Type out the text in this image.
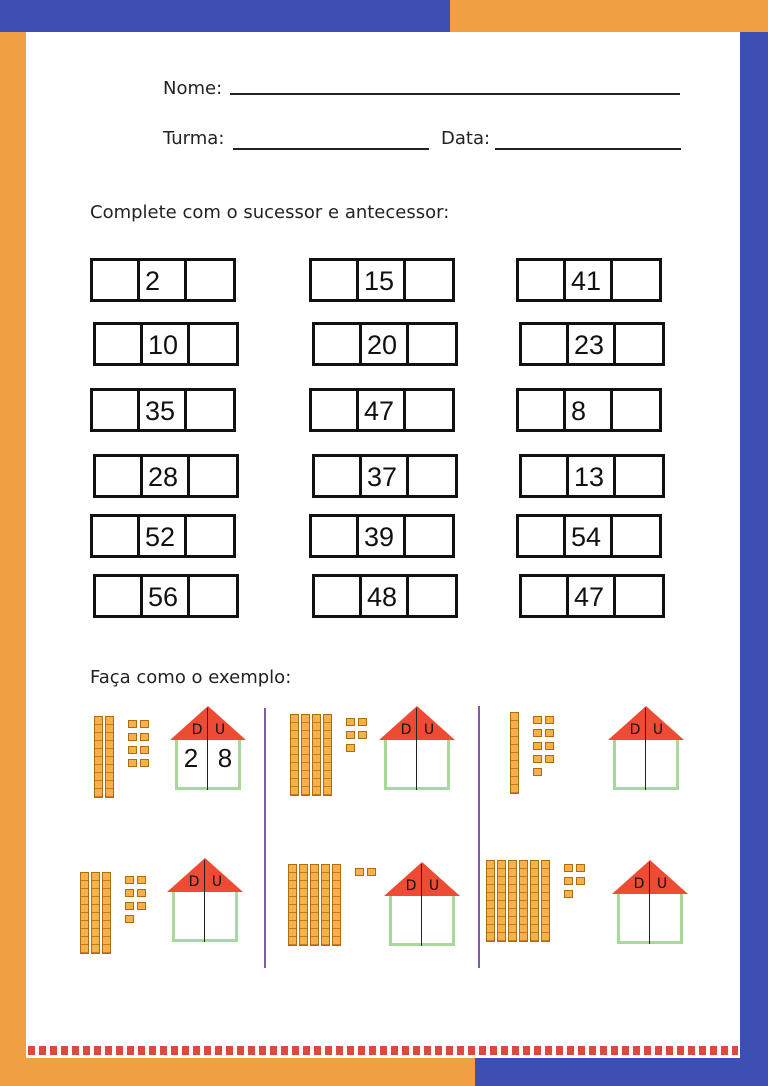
Nome:
Turma:	Data:
Complete com o sucessor e antecessor:
2
10
35
28
52
56
15
20
47
37
39
48
41
23
8
13
54
47
Faça como o exemplo:
D U
2 8
D U	D U
D U	D U	D U
